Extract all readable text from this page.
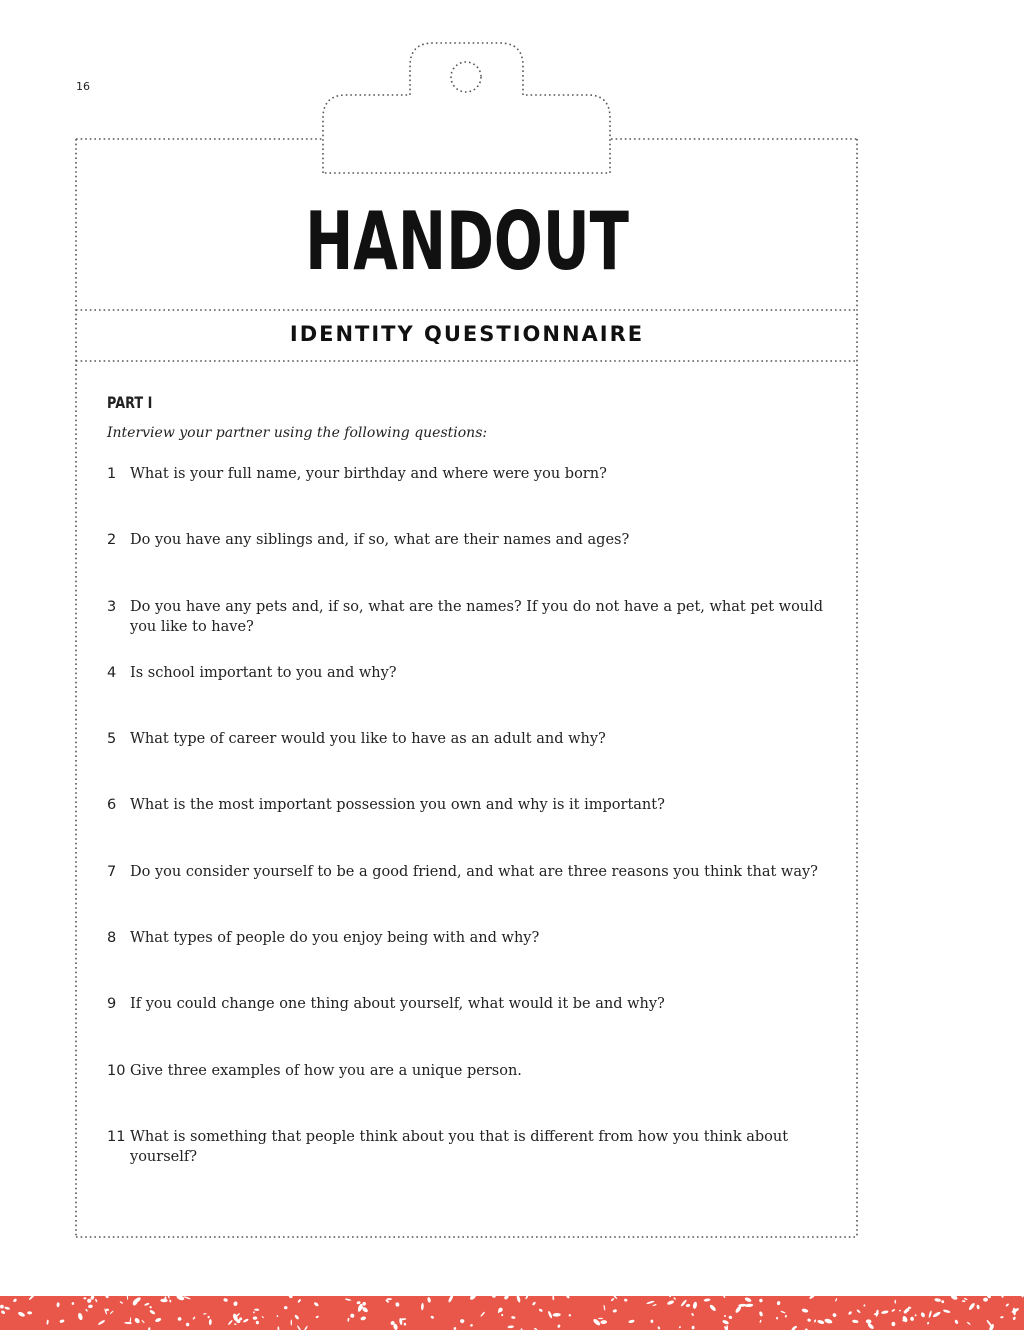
16
HANDOUT
IDENTITY QUESTIONNAIRE
PART I
Interview your partner using the following questions:
1 What is your full name, your birthday and where were you born?
2 Do you have any siblings and, if so, what are their names and ages?
3 Do you have any pets and, if so, what are the names? If you do not have a pet, what pet would you like to have?
4 Is school important to you and why?
5 What type of career would you like to have as an adult and why?
6 What is the most important possession you own and why is it important?
7 Do you consider yourself to be a good friend, and what are three reasons you think that way?
8 What types of people do you enjoy being with and why?
9 If you could change one thing about yourself, what would it be and why?
10 Give three examples of how you are a unique person.
11 What is something that people think about you that is different from how you think about yourself?
